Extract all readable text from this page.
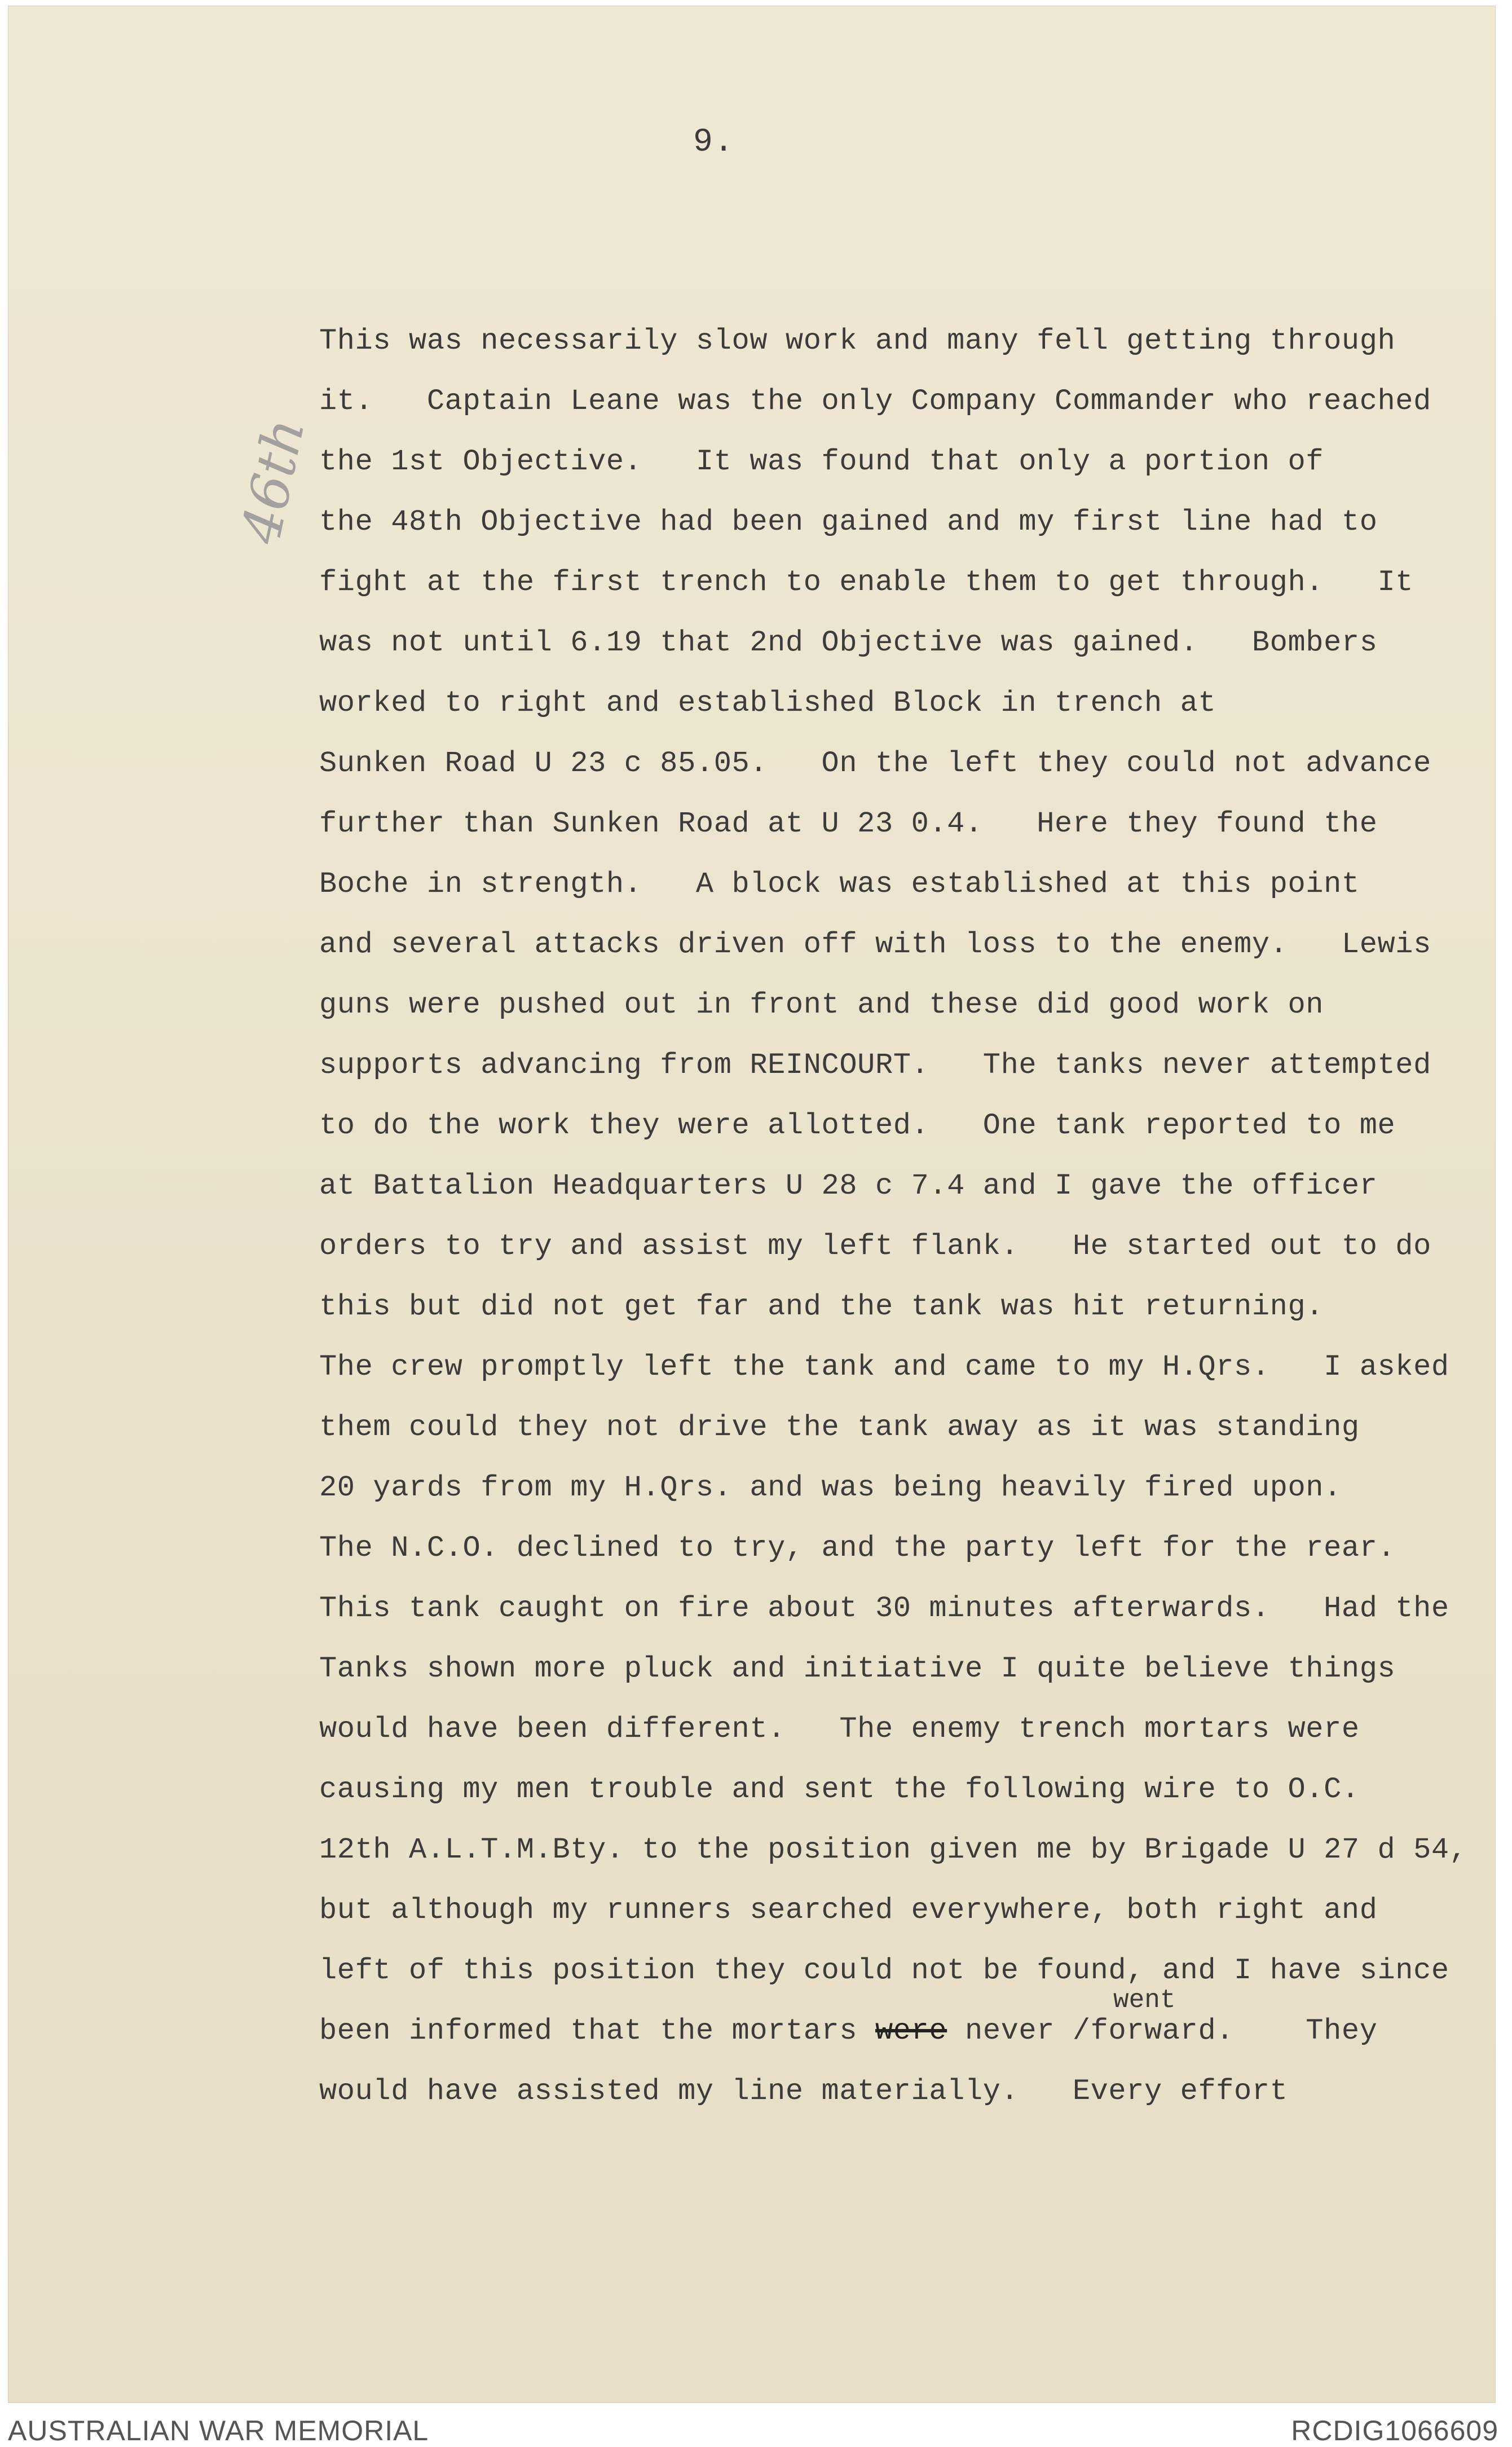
9.
46th
This was necessarily slow work and many fell getting through
it.   Captain Leane was the only Company Commander who reached
the 1st Objective.   It was found that only a portion of
the 48th Objective had been gained and my first line had to
fight at the first trench to enable them to get through.   It
was not until 6.19 that 2nd Objective was gained.   Bombers
worked to right and established Block in trench at
Sunken Road U 23 c 85.05.   On the left they could not advance
further than Sunken Road at U 23 0.4.   Here they found the
Boche in strength.   A block was established at this point
and several attacks driven off with loss to the enemy.   Lewis
guns were pushed out in front and these did good work on
supports advancing from REINCOURT.   The tanks never attempted
to do the work they were allotted.   One tank reported to me
at Battalion Headquarters U 28 c 7.4 and I gave the officer
orders to try and assist my left flank.   He started out to do
this but did not get far and the tank was hit returning.
The crew promptly left the tank and came to my H.Qrs.   I asked
them could they not drive the tank away as it was standing
20 yards from my H.Qrs. and was being heavily fired upon.
The N.C.O. declined to try, and the party left for the rear.
This tank caught on fire about 30 minutes afterwards.   Had the
Tanks shown more pluck and initiative I quite believe things
would have been different.   The enemy trench mortars were
causing my men trouble and sent the following wire to O.C.
12th A.L.T.M.Bty. to the position given me by Brigade U 27 d 54,
but although my runners searched everywhere, both right and
left of this position they could not be found, and I have since
been informed that the mortars were never /forward.    They
would have assisted my line materially.   Every effort
went
AUSTRALIAN WAR MEMORIAL	RCDIG1066609
